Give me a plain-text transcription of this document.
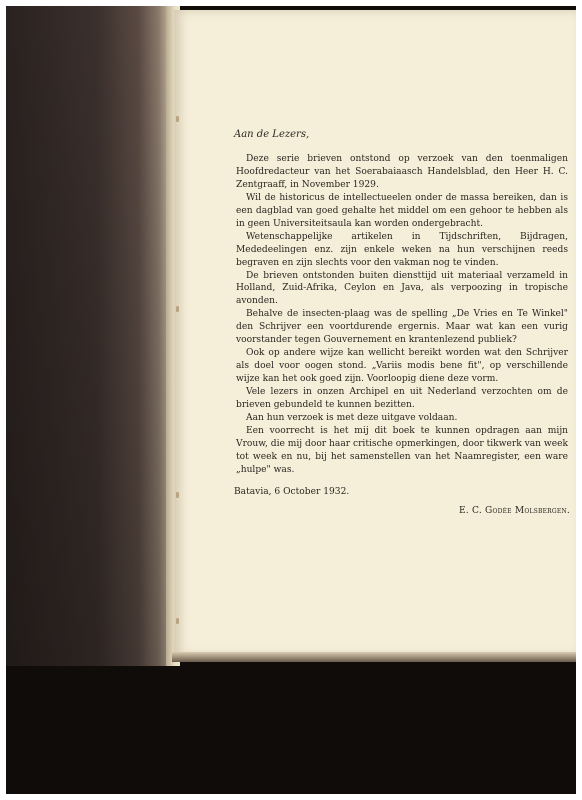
Aan de Lezers,

Deze serie brieven ontstond op verzoek van den toenmaligen Hoofdredacteur van het Soerabaiaasch Handelsblad, den Heer H. C. Zentgraaff, in November 1929.

Wil de historicus de intellectueelen onder de massa bereiken, dan is een dagblad van goed gehalte het middel om een gehoor te hebben als in geen Universiteitsaula kan worden ondergebracht.

Wetenschappelijke artikelen in Tijdschriften, Bijdragen, Mededeelingen enz. zijn enkele weken na hun verschijnen reeds begraven en zijn slechts voor den vakman nog te vinden.

De brieven ontstonden buiten diensttijd uit materiaal verzameld in Holland, Zuid-Afrika, Ceylon en Java, als verpoozing in tropische avonden.

Behalve de insecten-plaag was de spelling „De Vries en Te Winkel" den Schrijver een voortdurende ergernis. Maar wat kan een vurig voorstander tegen Gouvernement en krantenlezend publiek?

Ook op andere wijze kan wellicht bereikt worden wat den Schrijver als doel voor oogen stond. „Variis modis bene fit", op verschillende wijze kan het ook goed zijn. Voorloopig diene deze vorm.

Vele lezers in onzen Archipel en uit Nederland verzochten om de brieven gebundeld te kunnen bezitten.

Aan hun verzoek is met deze uitgave voldaan.

Een voorrecht is het mij dit boek te kunnen opdragen aan mijn Vrouw, die mij door haar critische opmerkingen, door tikwerk van week tot week en nu, bij het samenstellen van het Naamregister, een ware „hulpe" was.

Batavia, 6 October 1932.
E. C. Godée Molsbergen.
